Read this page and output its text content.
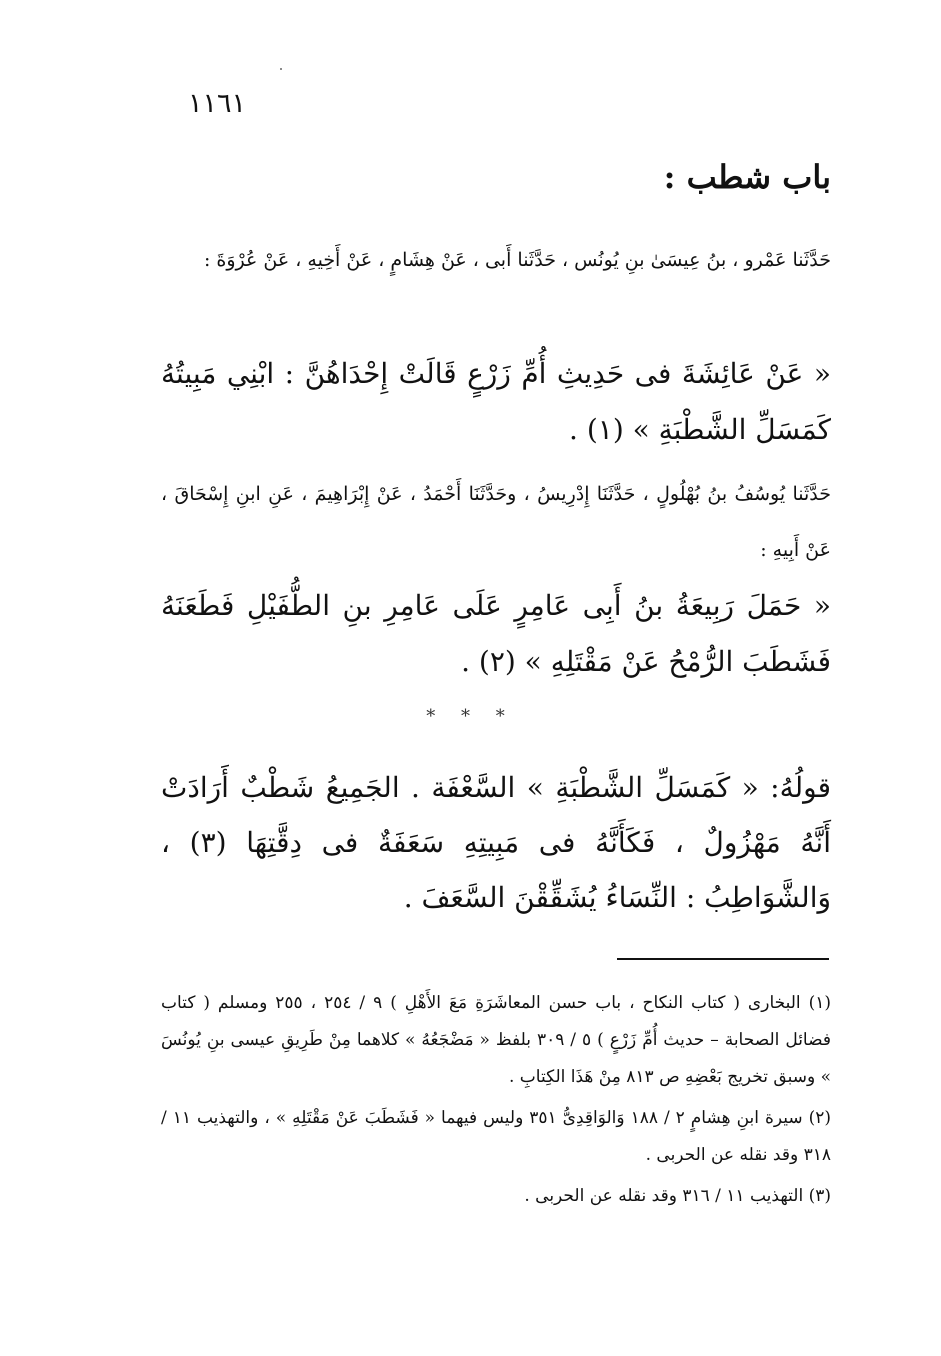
١١٦١
باب شطب :

حَدَّثَنا عَمْرو ، بنُ عِيسَىٰ بنِ يُونُس ، حَدَّثَنا أَبى ، عَنْ هِشَامٍ ، عَنْ أَخِيهِ ، عَنْ عُرْوَةَ :

« عَنْ عَائِشَةَ فى حَدِيثِ أُمِّ زَرْعٍ قَالَتْ إِحْدَاهُنَّ : ابْنِي مَبِيتُهُ كَمَسَلِّ الشَّطْبَةِ » (١) .

حَدَّثَنا يُوسُفُ بنُ بُهْلُولٍ ، حَدَّثَنَا إِدْرِيسُ ، وحَدَّثَنَا أَحْمَدُ ، عَنْ إِبْرَاهِيمَ ، عَنِ ابنِ إِسْحَاقَ ، عَنْ أَبِيهِ :

« حَمَلَ رَبِيعَةُ بنُ أَبِى عَامِرٍ عَلَى عَامِرِ بنِ الطُّفَيْلِ فَطَعَنَهُ فَشَطَبَ الرُّمْحُ عَنْ مَقْتَلِهِ » (٢) .

* * *

قولُهُ: « كَمَسَلِّ الشَّطْبَةِ » السَّعْفَة . الجَمِيعُ شَطْبٌ أَرَادَتْ أَنَّهُ مَهْزُولٌ ، فَكَأَنَّهُ فى مَبِيتِهِ سَعَفَةٌ فى دِقَّتِهَا (٣) ، وَالشَّوَاطِبُ : النِّسَاءُ يُشَقِّقْنَ السَّعَفَ .

(١) البخارى ( كتاب النكاح ، باب حسن المعاشَرَةِ مَعَ الأَهْلِ ) ٩ / ٢٥٤ ، ٢٥٥ ومسلم ( كتاب فضائل الصحابة – حديث أُمِّ زَرْعٍ ) ٥ / ٣٠٩ بلفظ « مَضْجَعُهُ » كلاهما مِنْ طَرِيقِ عيسى بنِ يُونُسَ » وسبق تخريج بَعْضِهِ ص ٨١٣ مِنْ هَذَا الكِتابِ .

(٢) سيرة ابنِ هِشامٍ ٢ / ١٨٨ وَالوَاقِدِىُّ ٣٥١ وليس فيهما « فَشَطَبَ عَنْ مَقْتَلِهِ » ، والتهذيب ١١ / ٣١٨ وقد نقله عن الحربى .

(٣) التهذيب ١١ / ٣١٦ وقد نقله عن الحربى .
